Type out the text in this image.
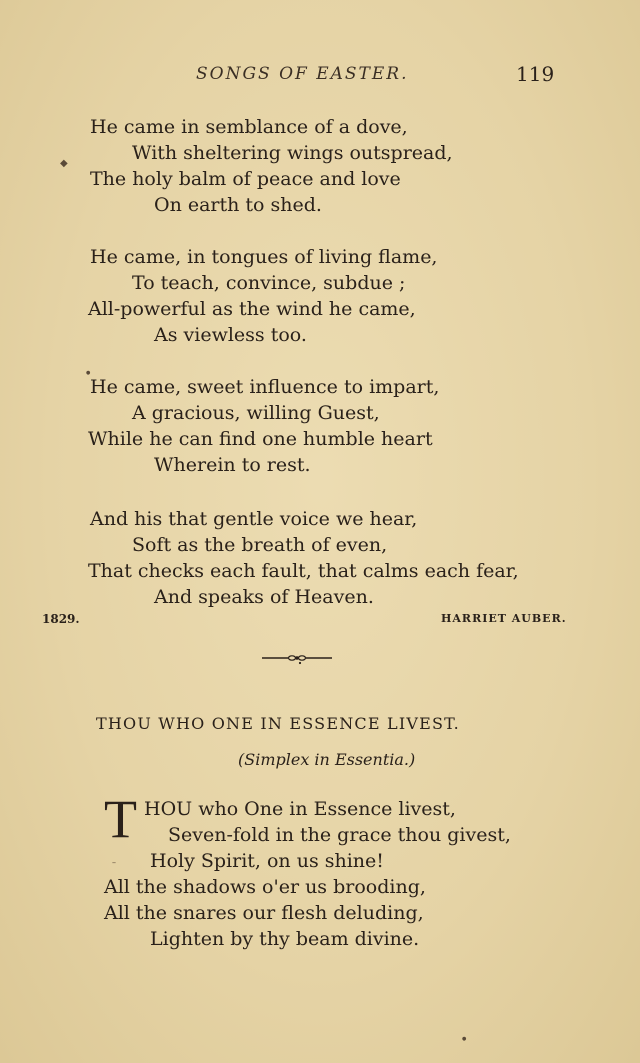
SONGS OF EASTER.	119
He came in semblance of a dove,
With sheltering wings outspread,
The holy balm of peace and love
On earth to shed.
He came, in tongues of living flame,
To teach, convince, subdue ;
All-powerful as the wind he came,
As viewless too.
He came, sweet influence to impart,
A gracious, willing Guest,
While he can find one humble heart
Wherein to rest.
And his that gentle voice we hear,
Soft as the breath of even,
That checks each fault, that calms each fear,
And speaks of Heaven.
◆
●
–
●
1829.	HARRIET AUBER.
THOU WHO ONE IN ESSENCE LIVEST.
(Simplex in Essentia.)
T HOU who One in Essence livest,
Seven-fold in the grace thou givest,
Holy Spirit, on us shine!
All the shadows o'er us brooding,
All the snares our flesh deluding,
Lighten by thy beam divine.
